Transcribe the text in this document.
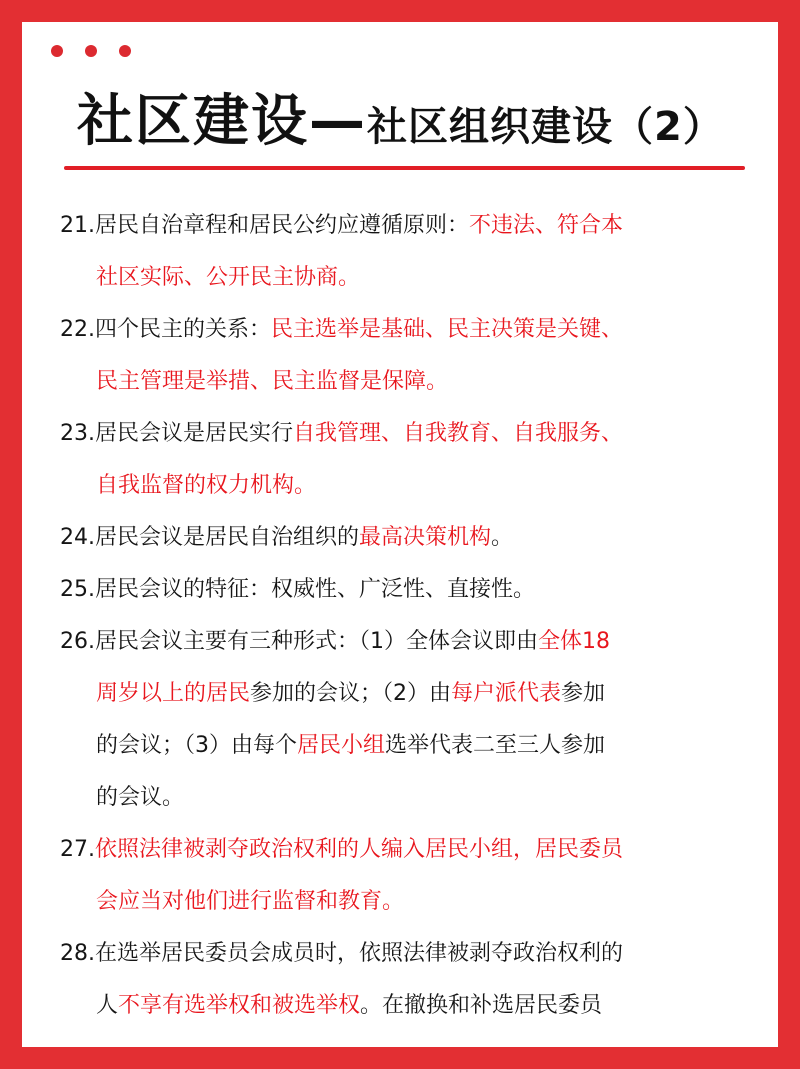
社区建设—社区组织建设（2）
21.居民自治章程和居民公约应遵循原则：不违法、符合本
社区实际、公开民主协商。
22.四个民主的关系：民主选举是基础、民主决策是关键、
民主管理是举措、民主监督是保障。
23.居民会议是居民实行自我管理、自我教育、自我服务、
自我监督的权力机构。
24.居民会议是居民自治组织的最高决策机构。
25.居民会议的特征：权威性、广泛性、直接性。
26.居民会议主要有三种形式：（1）全体会议即由全体18
周岁以上的居民参加的会议；（2）由每户派代表参加
的会议；（3）由每个居民小组选举代表二至三人参加
的会议。
27.依照法律被剥夺政治权利的人编入居民小组，居民委员
会应当对他们进行监督和教育。
28.在选举居民委员会成员时，依照法律被剥夺政治权利的
人不享有选举权和被选举权。在撤换和补选居民委员
